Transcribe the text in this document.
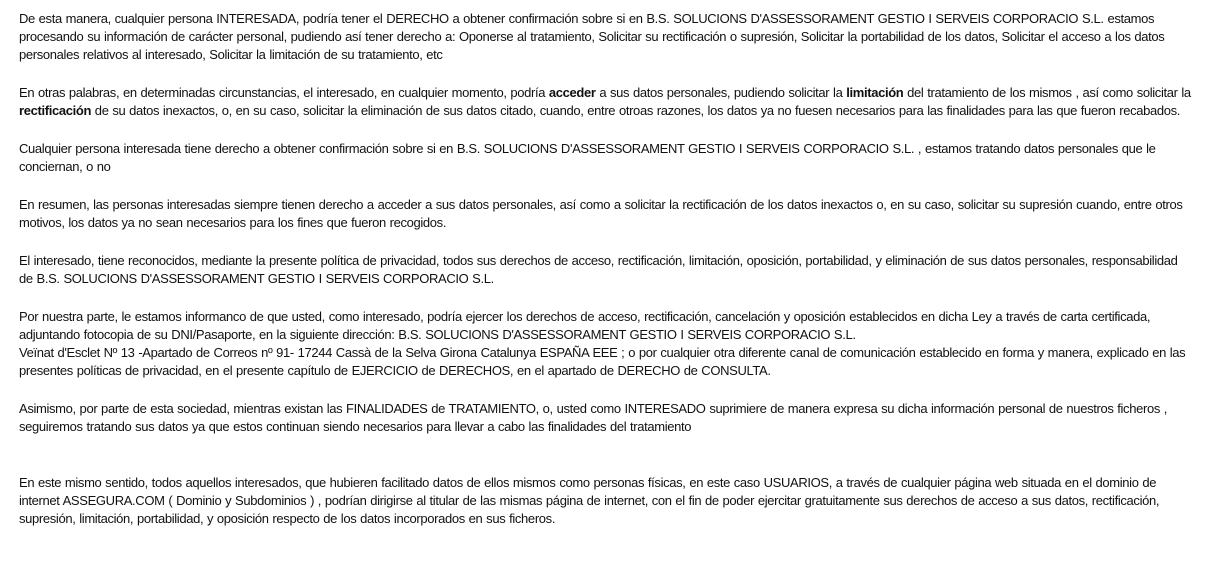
De esta manera, cualquier persona INTERESADA, podría tener el DERECHO a obtener confirmación sobre si en B.S. SOLUCIONS D'ASSESSORAMENT GESTIO I SERVEIS CORPORACIO S.L. estamos procesando su información de carácter personal, pudiendo así tener derecho a: Oponerse al tratamiento, Solicitar su rectificación o supresión, Solicitar la portabilidad de los datos, Solicitar el acceso a los datos personales relativos al interesado, Solicitar la limitación de su tratamiento, etc

En otras palabras, en determinadas circunstancias, el interesado, en cualquier momento, podría acceder a sus datos personales, pudiendo solicitar la limitación del tratamiento de los mismos , así como solicitar la rectificación de su datos inexactos, o, en su caso, solicitar la eliminación de sus datos citado, cuando, entre otroas razones, los datos ya no fuesen necesarios para las finalidades para las que fueron recabados.

Cualquier persona interesada tiene derecho a obtener confirmación sobre si en B.S. SOLUCIONS D'ASSESSORAMENT GESTIO I SERVEIS CORPORACIO S.L. , estamos tratando datos personales que le conciernan, o no

En resumen, las personas interesadas siempre tienen derecho a acceder a sus datos personales, así como a solicitar la rectificación de los datos inexactos o, en su caso, solicitar su supresión cuando, entre otros motivos, los datos ya no sean necesarios para los fines que fueron recogidos.

El interesado, tiene reconocidos, mediante la presente política de privacidad, todos sus derechos de acceso, rectificación, limitación, oposición, portabilidad, y eliminación de sus datos personales, responsabilidad de B.S. SOLUCIONS D'ASSESSORAMENT GESTIO I SERVEIS CORPORACIO S.L.

Por nuestra parte, le estamos informanco de que usted, como interesado, podría ejercer los derechos de acceso, rectificación, cancelación y oposición establecidos en dicha Ley a través de carta certificada, adjuntando fotocopia de su DNI/Pasaporte, en la siguiente dirección: B.S. SOLUCIONS D'ASSESSORAMENT GESTIO I SERVEIS CORPORACIO S.L.
Veïnat d'Esclet Nº 13 -Apartado de Correos nº 91- 17244 Cassà de la Selva Girona Catalunya ESPAÑA EEE ; o por cualquier otra diferente canal de comunicación establecido en forma y manera, explicado en las presentes políticas de privacidad, en el presente capítulo de EJERCICIO de DERECHOS, en el apartado de DERECHO de CONSULTA.

Asimismo, por parte de esta sociedad, mientras existan las FINALIDADES de TRATAMIENTO, o, usted como INTERESADO suprimiere de manera expresa su dicha información personal de nuestros ficheros , seguiremos tratando sus datos ya que estos continuan siendo necesarios para llevar a cabo las finalidades del tratamiento

En este mismo sentido, todos aquellos interesados, que hubieren facilitado datos de ellos mismos como personas físicas, en este caso USUARIOS, a través de cualquier página web situada en el dominio de internet ASSEGURA.COM ( Dominio y Subdominios ) , podrían dirigirse al titular de las mismas página de internet, con el fin de poder ejercitar gratuitamente sus derechos de acceso a sus datos, rectificación, supresión, limitación, portabilidad, y oposición respecto de los datos incorporados en sus ficheros.
